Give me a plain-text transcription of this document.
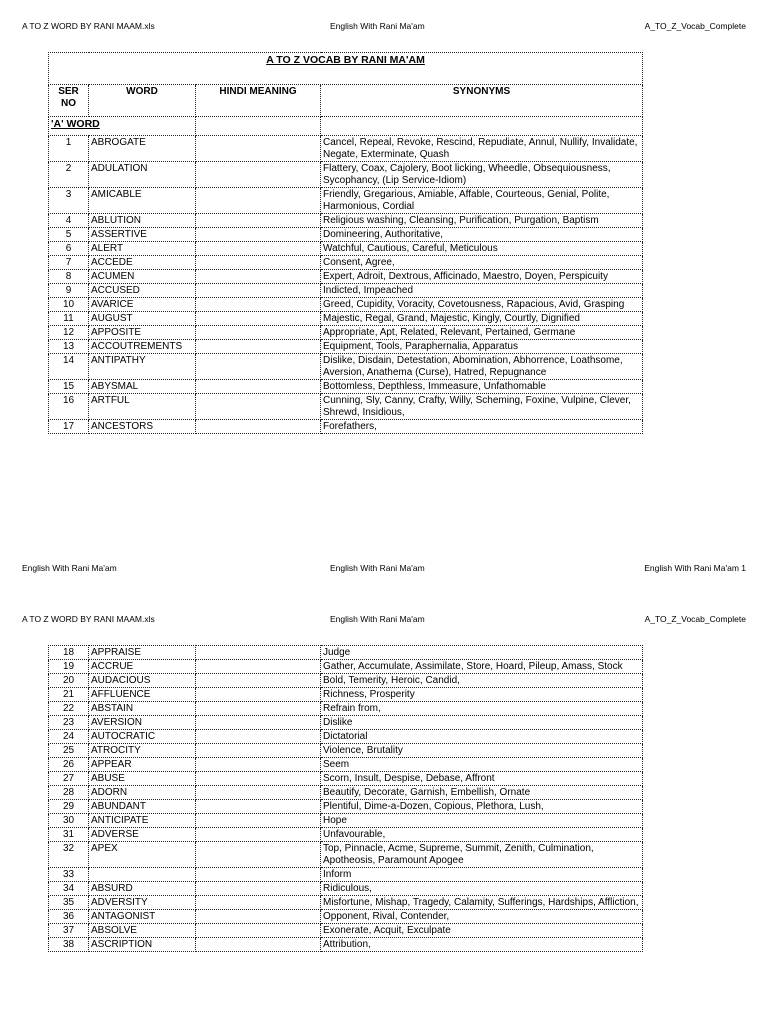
A TO Z WORD BY RANI MAAM.xls	English With Rani Ma'am	A_TO_Z_Vocab_Complete
A TO Z VOCAB BY RANI MA'AM			
SER NO	WORD	HINDI MEANING	SYNONYMS
'A' WORD			
1	ABROGATE		Cancel, Repeal, Revoke, Rescind, Repudiate, Annul, Nullify, Invalidate, Negate, Exterminate, Quash
2	ADULATION		Flattery, Coax, Cajolery, Boot licking, Wheedle, Obsequiousness, Sycophancy, (Lip Service-Idiom)
3	AMICABLE		Friendly, Gregarious, Amiable, Affable, Courteous, Genial, Polite, Harmonious, Cordial
4	ABLUTION		Religious washing, Cleansing, Purification, Purgation, Baptism
5	ASSERTIVE		Domineering, Authoritative,
6	ALERT		Watchful, Cautious, Careful, Meticulous
7	ACCEDE		Consent, Agree,
8	ACUMEN		Expert, Adroit, Dextrous, Afficinado, Maestro, Doyen, Perspicuity
9	ACCUSED		Indicted, Impeached
10	AVARICE		Greed, Cupidity, Voracity, Covetousness, Rapacious, Avid, Grasping
11	AUGUST		Majestic, Regal, Grand, Majestic, Kingly, Courtly, Dignified
12	APPOSITE		Appropriate, Apt, Related, Relevant, Pertained, Germane
13	ACCOUTREMENTS		Equipment, Tools, Paraphernalia, Apparatus
14	ANTIPATHY		Dislike, Disdain, Detestation, Abomination, Abhorrence, Loathsome, Aversion, Anathema (Curse), Hatred, Repugnance
15	ABYSMAL		Bottomless, Depthless, Immeasure, Unfathomable
16	ARTFUL		Cunning, Sly, Canny, Crafty, Willy, Scheming, Foxine, Vulpine, Clever, Shrewd, Insidious,
17	ANCESTORS		Forefathers,
English With Rani Ma'am	English With Rani Ma'am	English With Rani Ma'am 1
A TO Z WORD BY RANI MAAM.xls	English With Rani Ma'am	A_TO_Z_Vocab_Complete
18	APPRAISE		Judge
19	ACCRUE		Gather, Accumulate, Assimilate, Store, Hoard, Pileup, Amass, Stock
20	AUDACIOUS		Bold, Temerity, Heroic, Candid,
21	AFFLUENCE		Richness, Prosperity
22	ABSTAIN		Refrain from,
23	AVERSION		Dislike
24	AUTOCRATIC		Dictatorial
25	ATROCITY		Violence, Brutality
26	APPEAR		Seem
27	ABUSE		Scorn, Insult, Despise, Debase, Affront
28	ADORN		Beautify, Decorate, Garnish, Embellish, Ornate
29	ABUNDANT		Plentiful, Dime-a-Dozen, Copious, Plethora, Lush,
30	ANTICIPATE		Hope
31	ADVERSE		Unfavourable,
32	APEX		Top, Pinnacle, Acme, Supreme, Summit, Zenith, Culmination, Apotheosis, Paramount Apogee
33			Inform
34	ABSURD		Ridiculous,
35	ADVERSITY		Misfortune, Mishap, Tragedy, Calamity, Sufferings, Hardships, Affliction,
36	ANTAGONIST		Opponent, Rival, Contender,
37	ABSOLVE		Exonerate, Acquit, Exculpate
38	ASCRIPTION		Attribution,
